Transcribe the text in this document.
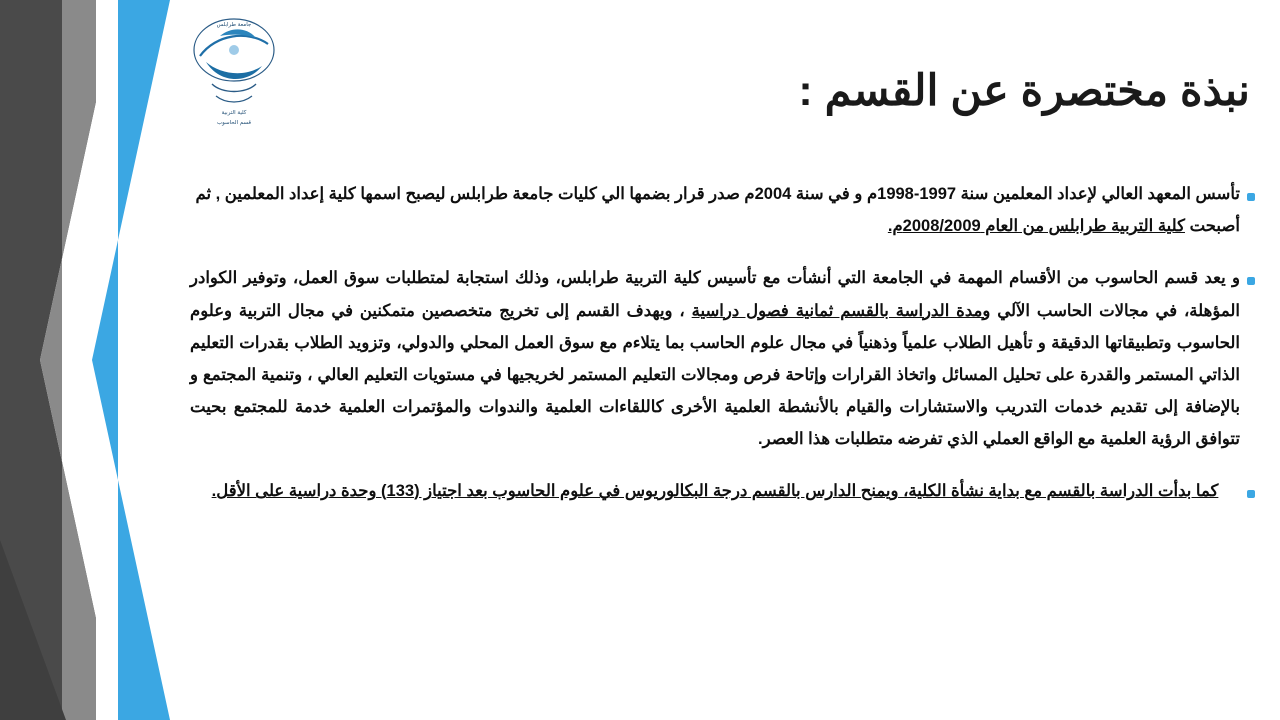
جامعة طرابلس
كلية التربية
قسم الحاسوب
نبذة مختصرة عن القسم :
تأسس المعهد العالي لإعداد المعلمين سنة 1997-1998م و في سنة 2004م صدر قرار بضمها الي كليات جامعة طرابلس ليصبح اسمها كلية إعداد المعلمين , ثم أصبحت كلية التربية طرابلس من العام 2008/2009م.
و يعد قسم الحاسوب من الأقسام المهمة في الجامعة التي أنشأت مع تأسيس كلية التربية طرابلس، وذلك استجابة لمتطلبات سوق العمل، وتوفير الكوادر المؤهلة، في مجالات الحاسب الآلي ومدة الدراسة بالقسم ثمانية فصول دراسية ، ويهدف القسم إلى تخريج متخصصين متمكنين في مجال التربية وعلوم الحاسوب وتطبيقاتها الدقيقة و تأهيل الطلاب علمياً وذهنياً في مجال علوم الحاسب بما يتلاءم مع سوق العمل المحلي والدولي، وتزويد الطلاب بقدرات التعليم الذاتي المستمر والقدرة على تحليل المسائل واتخاذ القرارات وإتاحة فرص ومجالات التعليم المستمر لخريجيها في مستويات التعليم العالي ، وتنمية المجتمع و بالإضافة إلى تقديم خدمات التدريب والاستشارات والقيام بالأنشطة العلمية الأخرى كاللقاءات العلمية والندوات والمؤتمرات العلمية خدمة للمجتمع بحيت تتوافق الرؤية العلمية مع الواقع العملي الذي تفرضه متطلبات هذا العصر.
كما بدأت الدراسة بالقسم مع بداية نشأة الكلية، ويمنح الدارس بالقسم درجة البكالوريوس في علوم الحاسوب بعد اجتياز (133) وحدة دراسية على الأقل.
